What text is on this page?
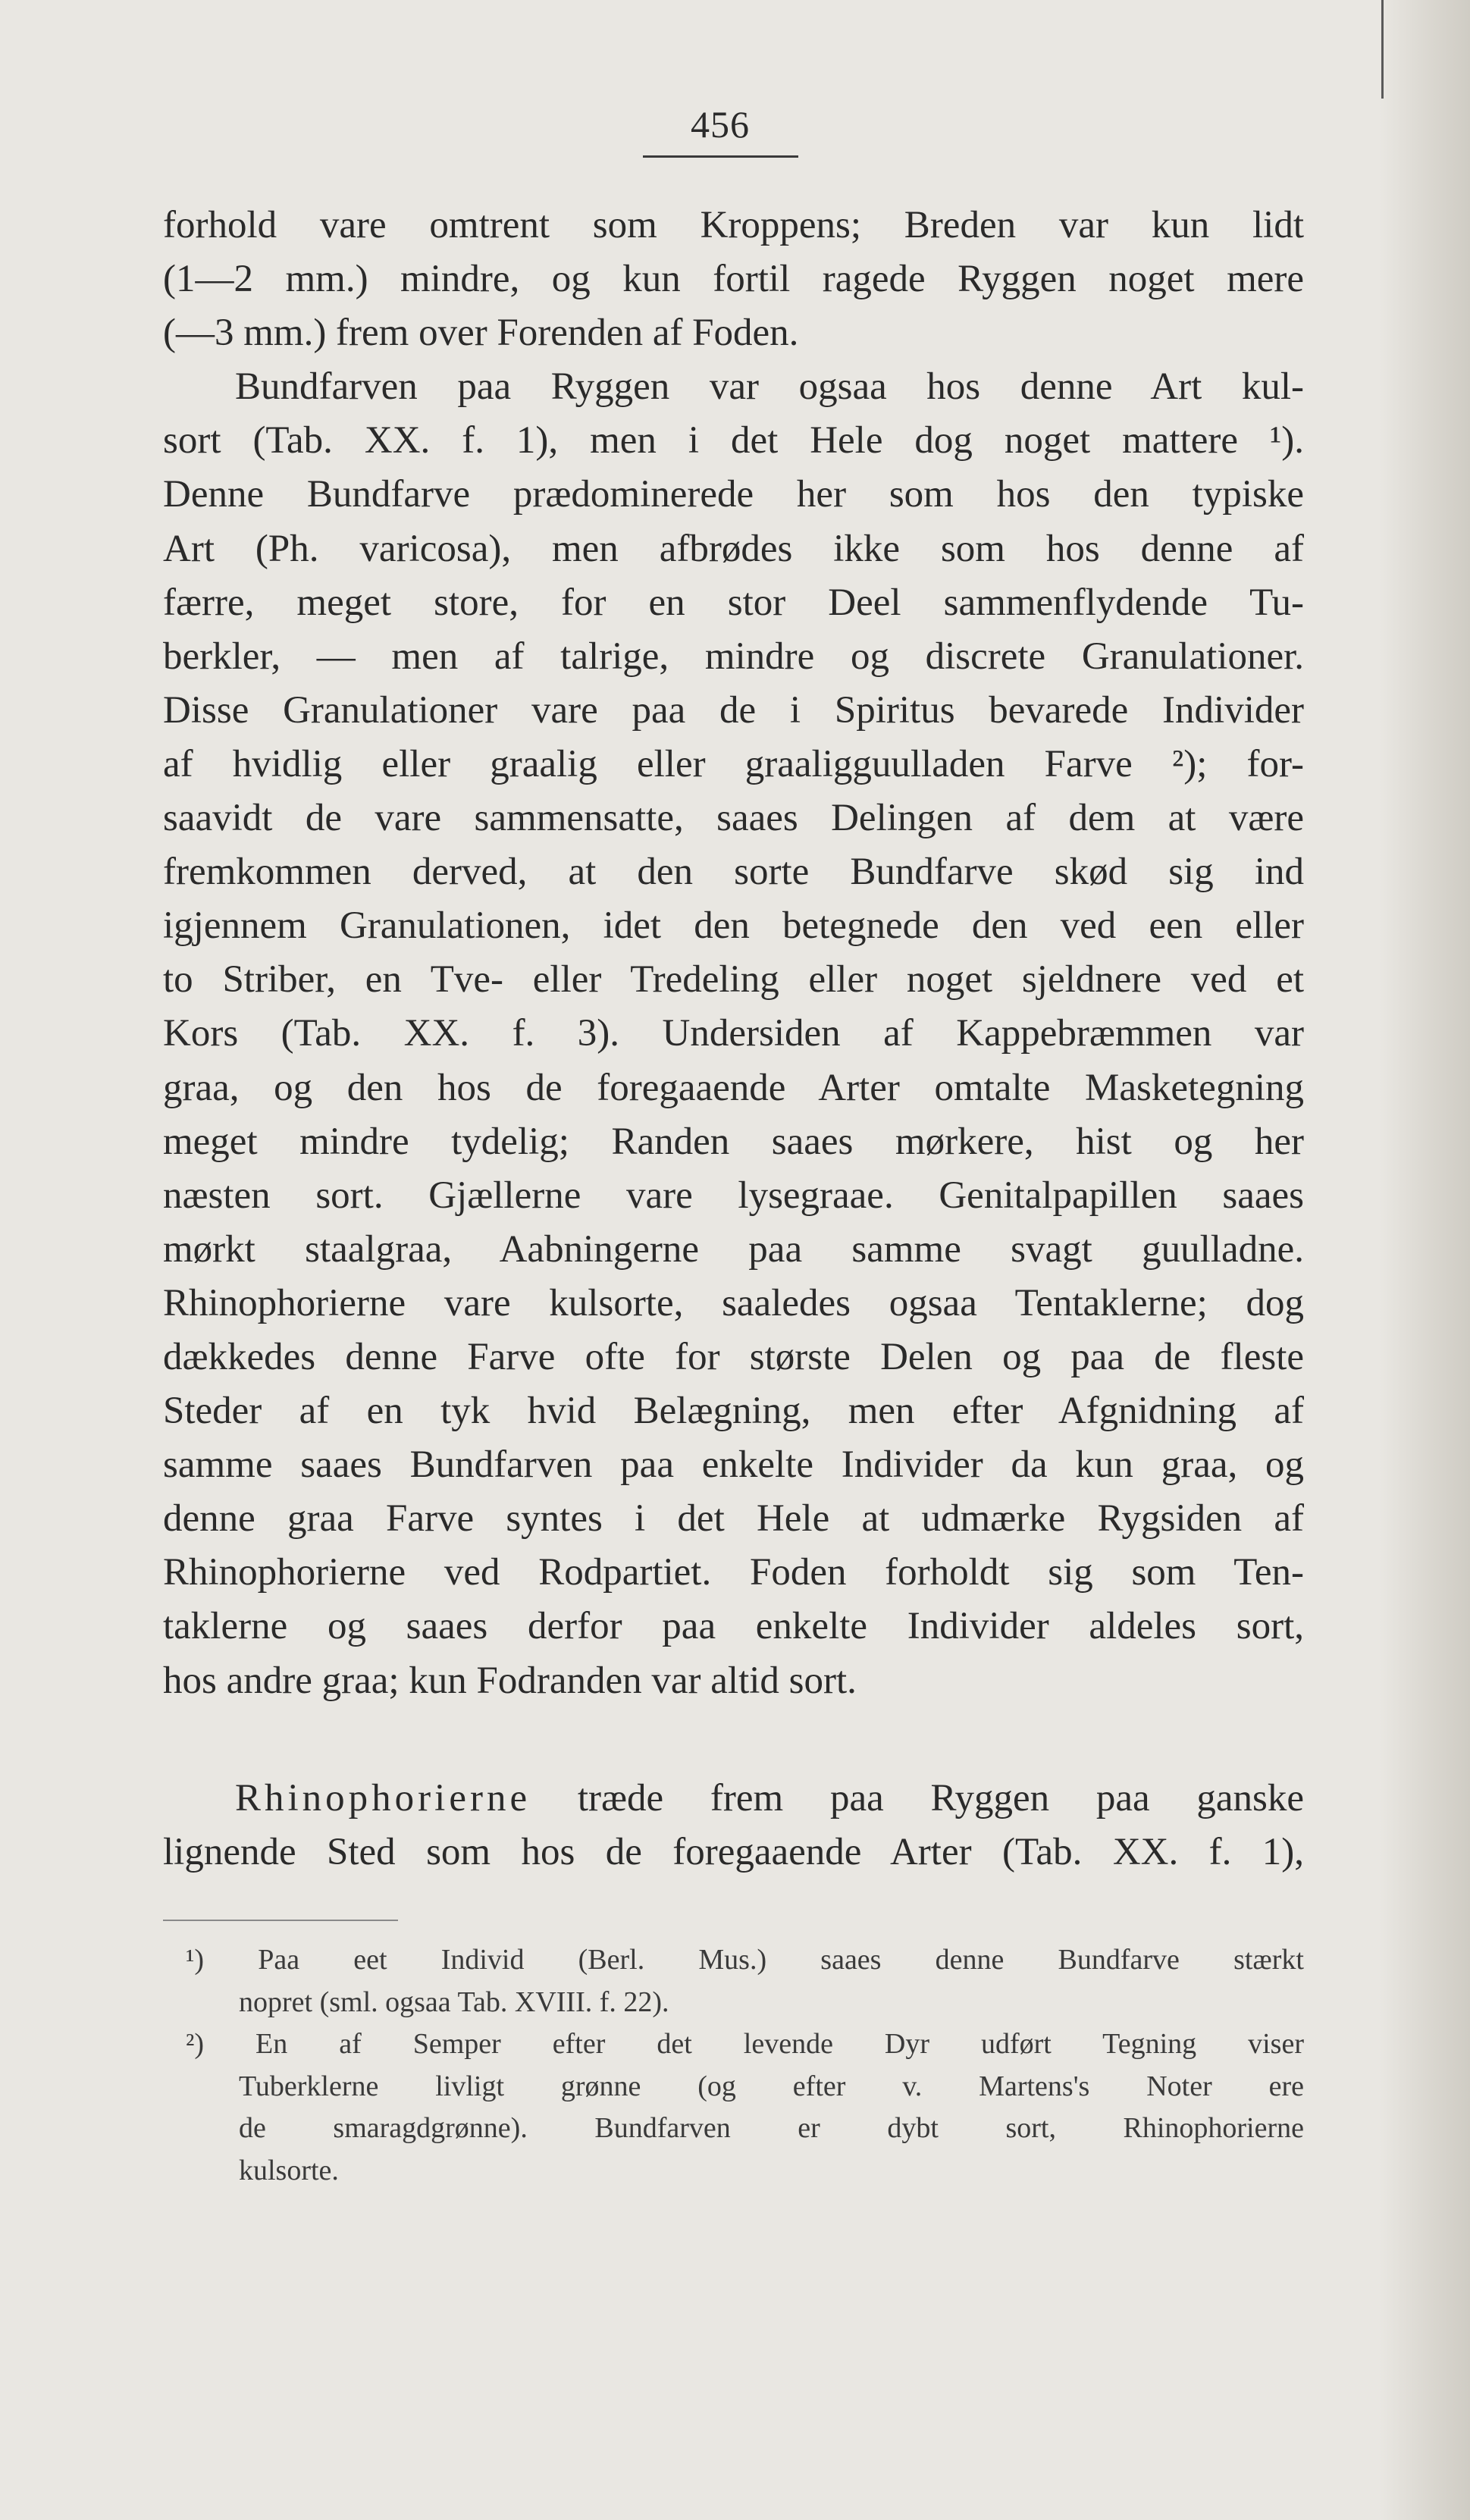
456
forhold vare omtrent som Kroppens; Breden var kun lidt
(1—2 mm.) mindre, og kun fortil ragede Ryggen noget mere
(—3 mm.) frem over Forenden af Foden.
Bundfarven paa Ryggen var ogsaa hos denne Art kul-
sort (Tab. XX. f. 1), men i det Hele dog noget mattere ¹).
Denne Bundfarve prædominerede her som hos den typiske
Art (Ph. varicosa), men afbrødes ikke som hos denne af
færre, meget store, for en stor Deel sammenflydende Tu-
berkler, — men af talrige, mindre og discrete Granulationer.
Disse Granulationer vare paa de i Spiritus bevarede Individer
af hvidlig eller graalig eller graaligguulladen Farve ²); for-
saavidt de vare sammensatte, saaes Delingen af dem at være
fremkommen derved, at den sorte Bundfarve skød sig ind
igjennem Granulationen, idet den betegnede den ved een eller
to Striber, en Tve- eller Tredeling eller noget sjeldnere ved et
Kors (Tab. XX. f. 3). Undersiden af Kappebræmmen var
graa, og den hos de foregaaende Arter omtalte Masketegning
meget mindre tydelig; Randen saaes mørkere, hist og her
næsten sort. Gjællerne vare lysegraae. Genitalpapillen saaes
mørkt staalgraa, Aabningerne paa samme svagt guulladne.
Rhinophorierne vare kulsorte, saaledes ogsaa Tentaklerne; dog
dækkedes denne Farve ofte for største Delen og paa de fleste
Steder af en tyk hvid Belægning, men efter Afgnidning af
samme saaes Bundfarven paa enkelte Individer da kun graa, og
denne graa Farve syntes i det Hele at udmærke Rygsiden af
Rhinophorierne ved Rodpartiet. Foden forholdt sig som Ten-
taklerne og saaes derfor paa enkelte Individer aldeles sort,
hos andre graa; kun Fodranden var altid sort.
Rhinophorierne træde frem paa Ryggen paa ganske
lignende Sted som hos de foregaaende Arter (Tab. XX. f. 1),
¹) Paa eet Individ (Berl. Mus.) saaes denne Bundfarve stærkt
nopret (sml. ogsaa Tab. XVIII. f. 22).
²) En af Semper efter det levende Dyr udført Tegning viser
Tuberklerne livligt grønne (og efter v. Martens's Noter ere
de smaragdgrønne). Bundfarven er dybt sort, Rhinophorierne
kulsorte.
